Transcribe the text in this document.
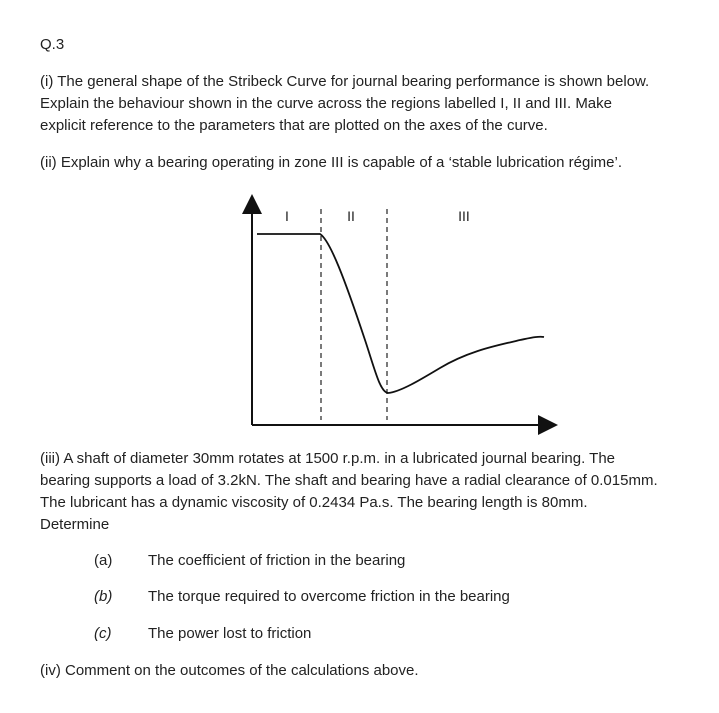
Q.3
(i) The general shape of the Stribeck Curve for journal bearing performance is shown below.
Explain the behaviour shown in the curve across the regions labelled I, II and III. Make
explicit reference to the parameters that are plotted on the axes of the curve.
(ii) Explain why a bearing operating in zone III is capable of a ‘stable lubrication régime’.
I	II	III
(iii) A shaft of diameter 30mm rotates at 1500 r.p.m. in a lubricated journal bearing. The
bearing supports a load of 3.2kN. The shaft and bearing have a radial clearance of 0.015mm.
The lubricant has a dynamic viscosity of 0.2434 Pa.s. The bearing length is 80mm.
Determine
(a) The coefficient of friction in the bearing
(b) The torque required to overcome friction in the bearing
(c) The power lost to friction
(iv) Comment on the outcomes of the calculations above.
